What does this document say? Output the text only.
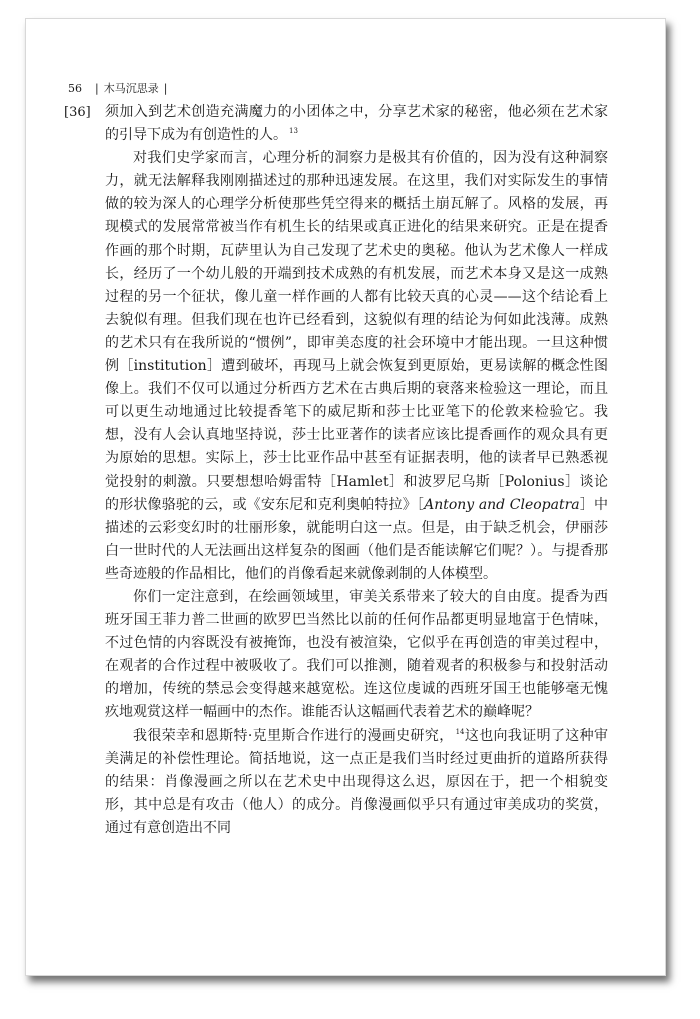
56 | 木马沉思录 |
[36] 须加入到艺术创造充满魔力的小团体之中，分享艺术家的秘密，他必须在艺术家的引导下成为有创造性的人。 $^{13}$

对我们史学家而言，心理分析的洞察力是极其有价值的，因为没有这种洞察力，就无法解释我刚刚描述过的那种迅速发展。在这里，我们对实际发生的事情做的较为深人的心理学分析使那些凭空得来的概括土崩瓦解了。风格的发展，再现模式的发展常常被当作有机生长的结果或真正进化的结果来研究。正是在提香作画的那个时期，瓦萨里认为自己发现了艺术史的奥秘。他认为艺术像人一样成长，经历了一个幼儿般的开端到技术成熟的有机发展，而艺术本身又是这一成熟过程的另一个征状，像儿童一样作画的人都有比较天真的心灵——这个结论看上去貌似有理。但我们现在也许已经看到，这貌似有理的结论为何如此浅薄。成熟的艺术只有在我所说的“惯例”，即审美态度的社会环境中才能出现。一旦这种惯例［institution］遭到破坏，再现马上就会恢复到更原始，更易读解的概念性图像上。我们不仅可以通过分析西方艺术在古典后期的衰落来检验这一理论，而且可以更生动地通过比较提香笔下的威尼斯和莎士比亚笔下的伦敦来检验它。我想，没有人会认真地坚持说，莎士比亚著作的读者应该比提香画作的观众具有更为原始的思想。实际上，莎士比亚作品中甚至有证据表明，他的读者早已熟悉视觉投射的刺激。只要想想哈姆雷特［Hamlet］和波罗尼乌斯［Polonius］谈论的形状像骆驼的云，或《安东尼和克利奥帕特拉》［Antony and Cleopatra］中描述的云彩变幻时的壮丽形象，就能明白这一点。但是，由于缺乏机会，伊丽莎白一世时代的人无法画出这样复杂的图画（他们是否能读解它们呢？）。与提香那些奇迹般的作品相比，他们的肖像看起来就像剥制的人体模型。

你们一定注意到，在绘画领域里，审美关系带来了较大的自由度。提香为西班牙国王菲力普二世画的欧罗巴当然比以前的任何作品都更明显地富于色情味，不过色情的内容既没有被掩饰，也没有被渲染，它似乎在再创造的审美过程中，在观者的合作过程中被吸收了。我们可以推测，随着观者的积极参与和投射活动的增加，传统的禁忌会变得越来越宽松。连这位虔诚的西班牙国王也能够毫无愧疚地观赏这样一幅画中的杰作。谁能否认这幅画代表着艺术的巅峰呢？

我很荣幸和恩斯特·克里斯合作进行的漫画史研究， $^{14}$这也向我证明了这种审美满足的补偿性理论。简括地说，这一点正是我们当时经过更曲折的道路所获得的结果：肖像漫画之所以在艺术史中出现得这么迟，原因在于，把一个相貌变形，其中总是有攻击（他人）的成分。肖像漫画似乎只有通过审美成功的奖赏，通过有意创造出不同
